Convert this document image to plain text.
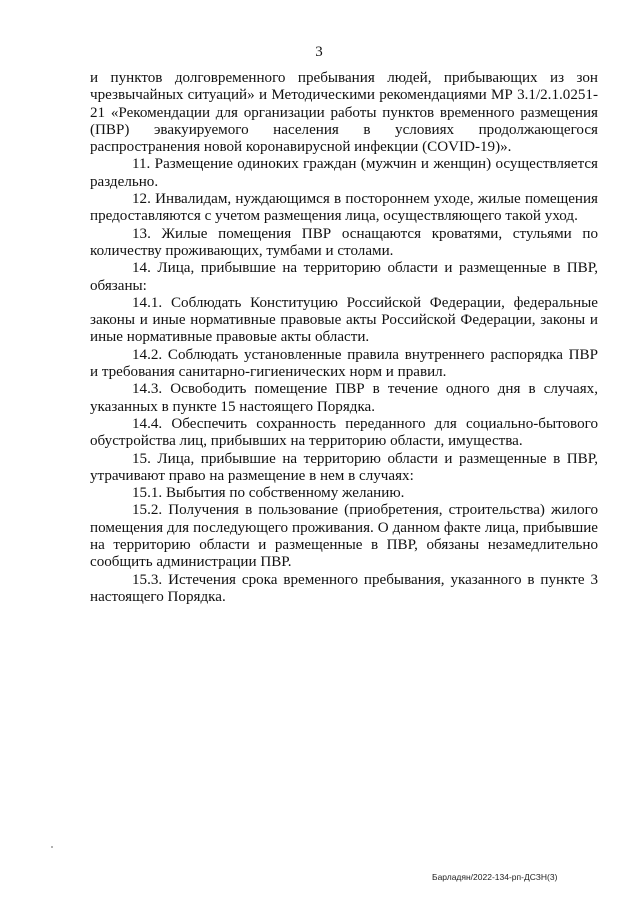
3

и пунктов долговременного пребывания людей, прибывающих из зон чрезвычайных ситуаций» и Методическими рекомендациями МР 3.1/2.1.0251-21 «Рекомендации для организации работы пунктов временного размещения (ПВР) эвакуируемого населения в условиях продолжающегося распространения новой коронавирусной инфекции (COVID-19)».

11. Размещение одиноких граждан (мужчин и женщин) осуществляется раздельно.

12. Инвалидам, нуждающимся в постороннем уходе, жилые помещения предоставляются с учетом размещения лица, осуществляющего такой уход.

13. Жилые помещения ПВР оснащаются кроватями, стульями по количеству проживающих, тумбами и столами.

14. Лица, прибывшие на территорию области и размещенные в ПВР, обязаны:

14.1. Соблюдать Конституцию Российской Федерации, федеральные законы и иные нормативные правовые акты Российской Федерации, законы и иные нормативные правовые акты области.

14.2. Соблюдать установленные правила внутреннего распорядка ПВР и требования санитарно-гигиенических норм и правил.

14.3. Освободить помещение ПВР в течение одного дня в случаях, указанных в пункте 15 настоящего Порядка.

14.4. Обеспечить сохранность переданного для социально-бытового обустройства лиц, прибывших на территорию области, имущества.

15. Лица, прибывшие на территорию области и размещенные в ПВР, утрачивают право на размещение в нем в случаях:

15.1. Выбытия по собственному желанию.

15.2. Получения в пользование (приобретения, строительства) жилого помещения для последующего проживания. О данном факте лица, прибывшие на территорию области и размещенные в ПВР, обязаны незамедлительно сообщить администрации ПВР.

15.3. Истечения срока временного пребывания, указанного в пункте 3 настоящего Порядка.

Барладян/2022-134-рп-ДСЗН(3)
